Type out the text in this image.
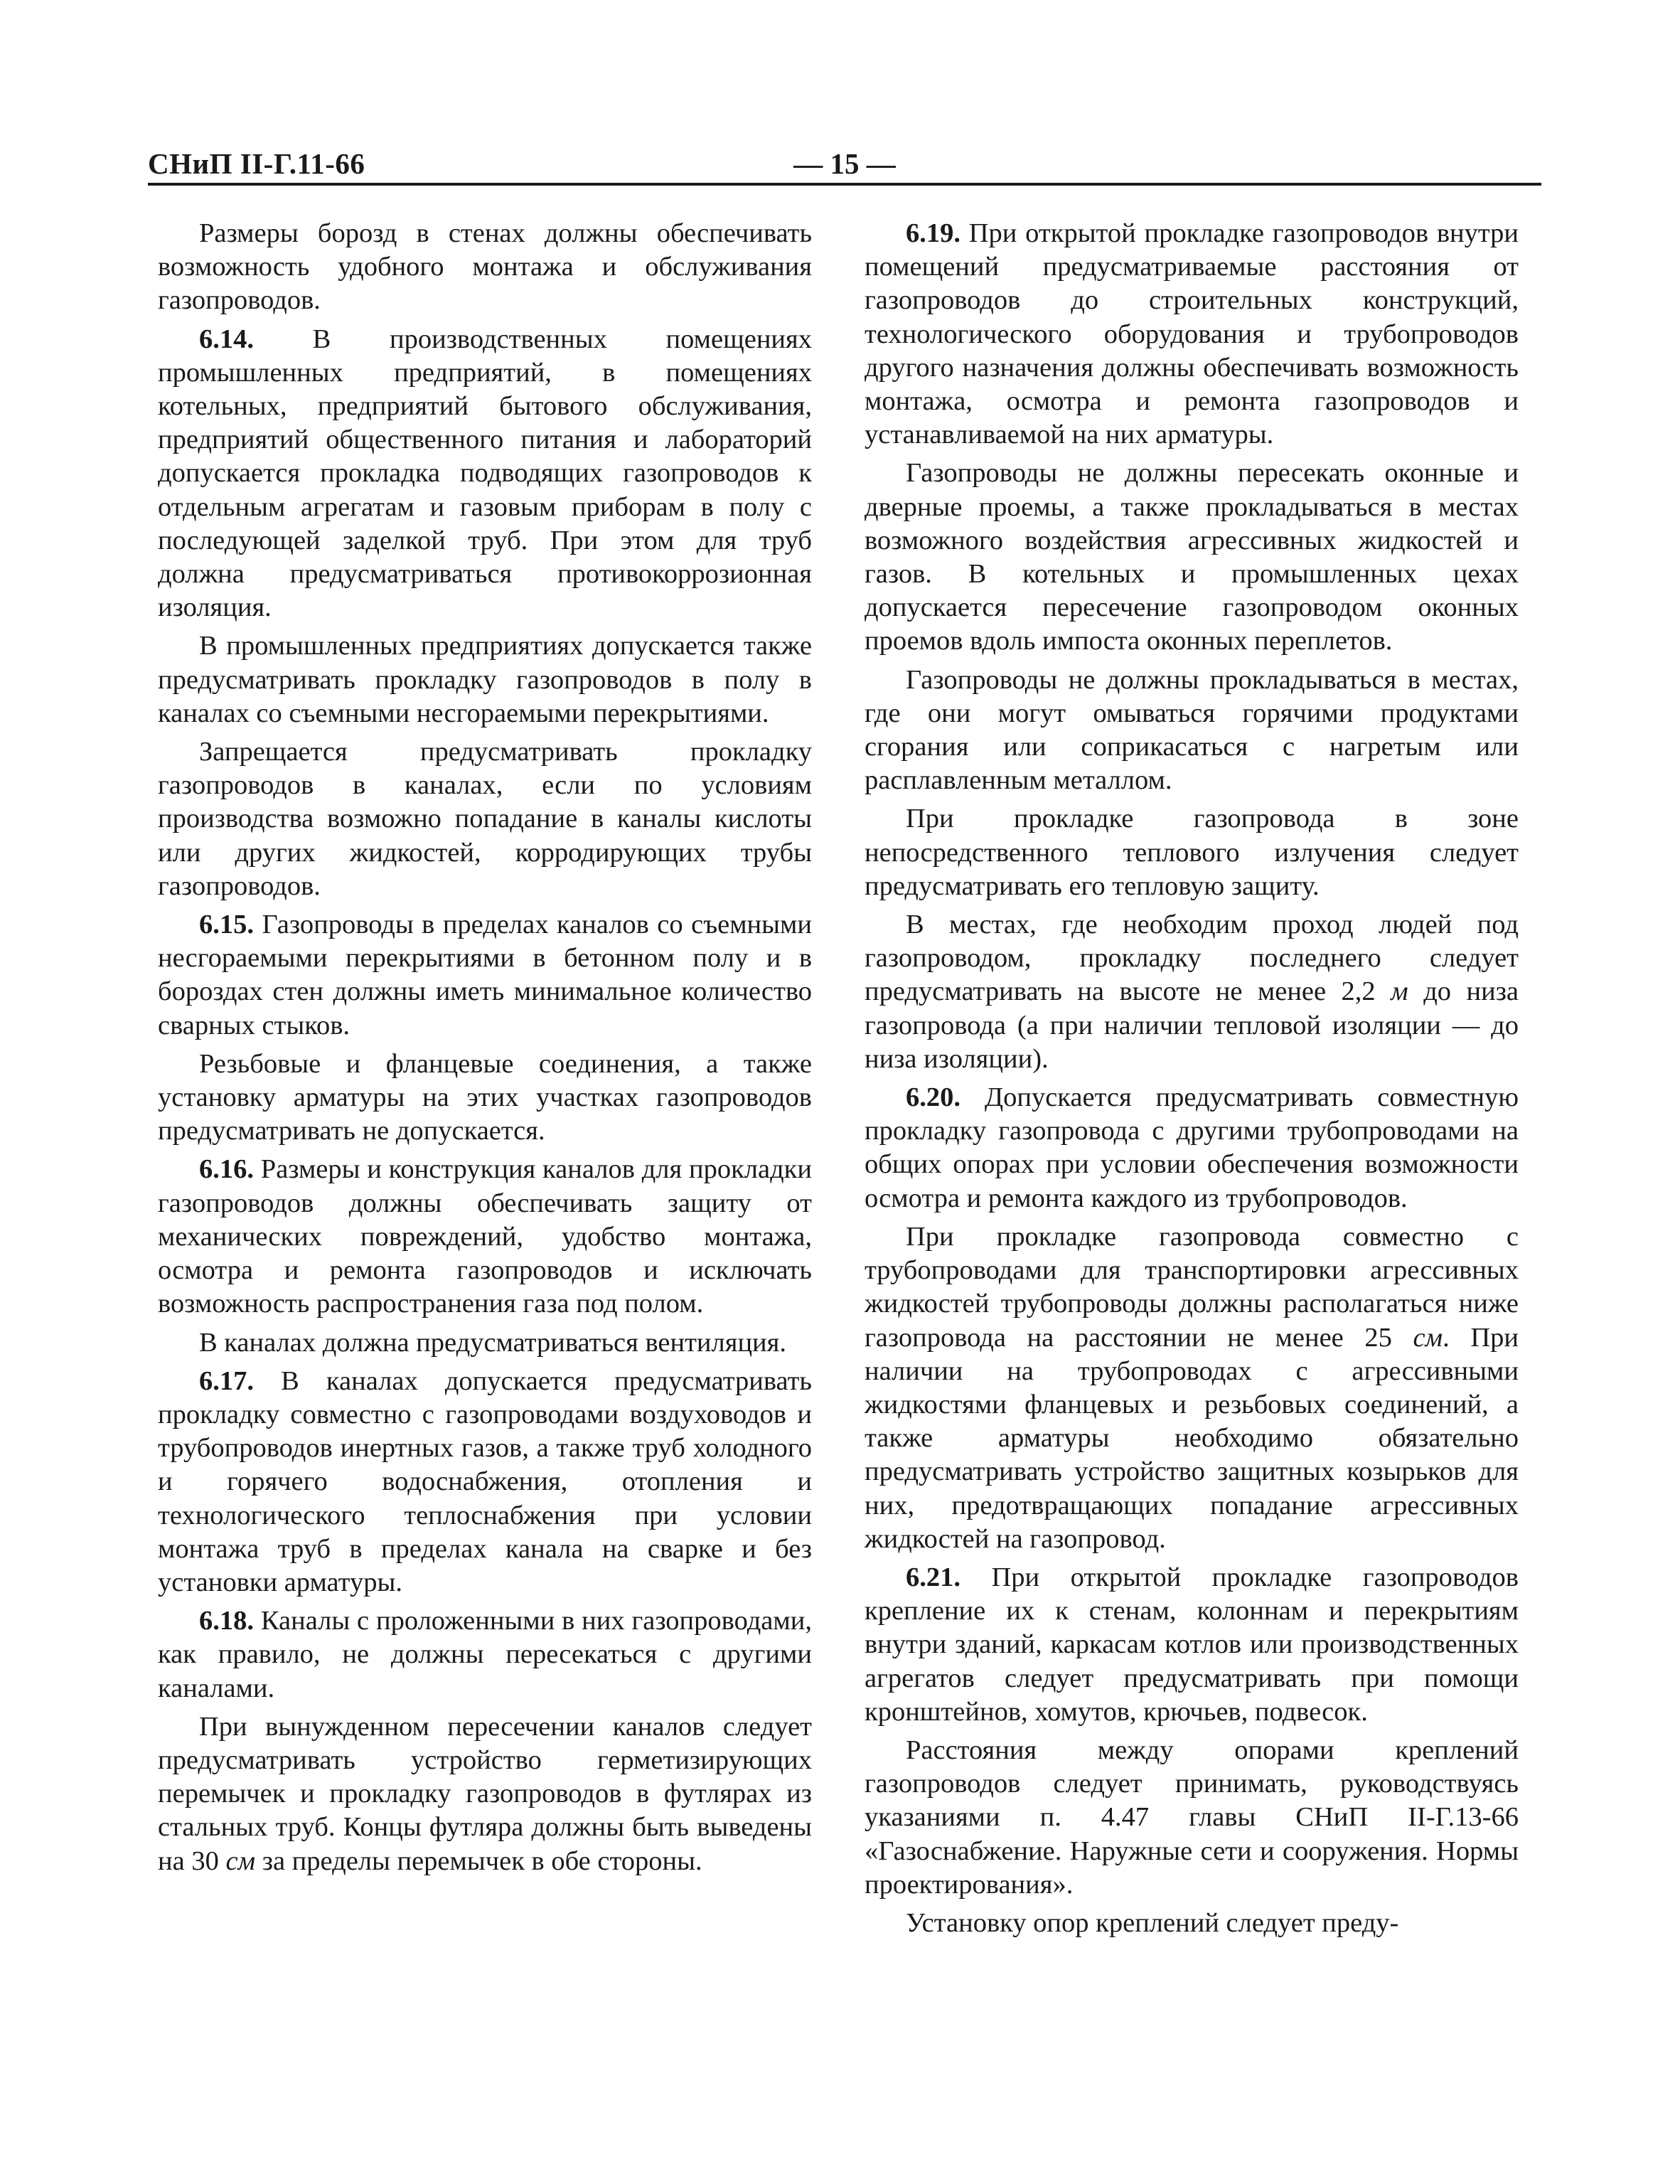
СНиП II-Г.11-66	— 15 —

Размеры борозд в стенах должны обеспечивать возможность удобного монтажа и обслуживания газопроводов.

6.14. В производственных помещениях промышленных предприятий, в помещениях котельных, предприятий бытового обслуживания, предприятий общественного питания и лабораторий допускается прокладка подводящих газопроводов к отдельным агрегатам и газовым приборам в полу с последующей заделкой труб. При этом для труб должна предусматриваться противокоррозионная изоляция.

В промышленных предприятиях допускается также предусматривать прокладку газопроводов в полу в каналах со съемными несгораемыми перекрытиями.

Запрещается предусматривать прокладку газопроводов в каналах, если по условиям производства возможно попадание в каналы кислоты или других жидкостей, корродирующих трубы газопроводов.

6.15. Газопроводы в пределах каналов со съемными несгораемыми перекрытиями в бетонном полу и в бороздах стен должны иметь минимальное количество сварных стыков.

Резьбовые и фланцевые соединения, а также установку арматуры на этих участках газопроводов предусматривать не допускается.

6.16. Размеры и конструкция каналов для прокладки газопроводов должны обеспечивать защиту от механических повреждений, удобство монтажа, осмотра и ремонта газопроводов и исключать возможность распространения газа под полом.

В каналах должна предусматриваться вентиляция.

6.17. В каналах допускается предусматривать прокладку совместно с газопроводами воздуховодов и трубопроводов инертных газов, а также труб холодного и горячего водоснабжения, отопления и технологического теплоснабжения при условии монтажа труб в пределах канала на сварке и без установки арматуры.

6.18. Каналы с проложенными в них газопроводами, как правило, не должны пересекаться с другими каналами.

При вынужденном пересечении каналов следует предусматривать устройство герметизирующих перемычек и прокладку газопроводов в футлярах из стальных труб. Концы футляра должны быть выведены на 30 см за пределы перемычек в обе стороны.

6.19. При открытой прокладке газопроводов внутри помещений предусматриваемые расстояния от газопроводов до строительных конструкций, технологического оборудования и трубопроводов другого назначения должны обеспечивать возможность монтажа, осмотра и ремонта газопроводов и устанавливаемой на них арматуры.

Газопроводы не должны пересекать оконные и дверные проемы, а также прокладываться в местах возможного воздействия агрессивных жидкостей и газов. В котельных и промышленных цехах допускается пересечение газопроводом оконных проемов вдоль импоста оконных переплетов.

Газопроводы не должны прокладываться в местах, где они могут омываться горячими продуктами сгорания или соприкасаться с нагретым или расплавленным металлом.

При прокладке газопровода в зоне непосредственного теплового излучения следует предусматривать его тепловую защиту.

В местах, где необходим проход людей под газопроводом, прокладку последнего следует предусматривать на высоте не менее 2,2 м до низа газопровода (а при наличии тепловой изоляции — до низа изоляции).

6.20. Допускается предусматривать совместную прокладку газопровода с другими трубопроводами на общих опорах при условии обеспечения возможности осмотра и ремонта каждого из трубопроводов.

При прокладке газопровода совместно с трубопроводами для транспортировки агрессивных жидкостей трубопроводы должны располагаться ниже газопровода на расстоянии не менее 25 см. При наличии на трубопроводах с агрессивными жидкостями фланцевых и резьбовых соединений, а также арматуры необходимо обязательно предусматривать устройство защитных козырьков для них, предотвращающих попадание агрессивных жидкостей на газопровод.

6.21. При открытой прокладке газопроводов крепление их к стенам, колоннам и перекрытиям внутри зданий, каркасам котлов или производственных агрегатов следует предусматривать при помощи кронштейнов, хомутов, крючьев, подвесок.

Расстояния между опорами креплений газопроводов следует принимать, руководствуясь указаниями п. 4.47 главы СНиП II-Г.13-66 «Газоснабжение. Наружные сети и сооружения. Нормы проектирования».

Установку опор креплений следует преду-
